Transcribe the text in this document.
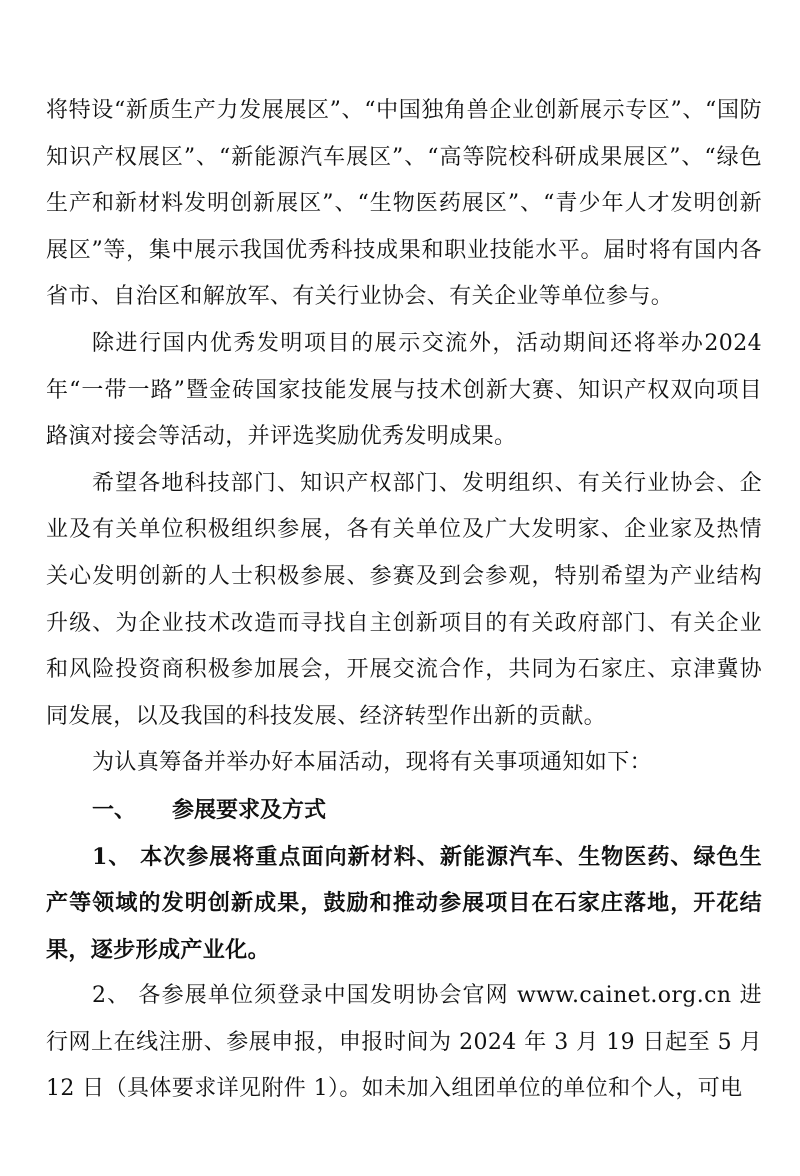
将特设“新质生产力发展展区”、“中国独角兽企业创新展示专区”、“国防知识产权展区”、“新能源汽车展区”、“高等院校科研成果展区”、“绿色生产和新材料发明创新展区”、“生物医药展区”、“青少年人才发明创新展区”等，集中展示我国优秀科技成果和职业技能水平。届时将有国内各省市、自治区和解放军、有关行业协会、有关企业等单位参与。

除进行国内优秀发明项目的展示交流外，活动期间还将举办2024年“一带一路”暨金砖国家技能发展与技术创新大赛、知识产权双向项目路演对接会等活动，并评选奖励优秀发明成果。

希望各地科技部门、知识产权部门、发明组织、有关行业协会、企业及有关单位积极组织参展，各有关单位及广大发明家、企业家及热情关心发明创新的人士积极参展、参赛及到会参观，特别希望为产业结构升级、为企业技术改造而寻找自主创新项目的有关政府部门、有关企业和风险投资商积极参加展会，开展交流合作，共同为石家庄、京津冀协同发展，以及我国的科技发展、经济转型作出新的贡献。

为认真筹备并举办好本届活动，现将有关事项通知如下：

一、 参展要求及方式

1、 本次参展将重点面向新材料、新能源汽车、生物医药、绿色生产等领域的发明创新成果，鼓励和推动参展项目在石家庄落地，开花结果，逐步形成产业化。

2、 各参展单位须登录中国发明协会官网 www.cainet.org.cn 进行网上在线注册、参展申报，申报时间为 2024 年 3 月 19 日起至 5 月 12 日（具体要求详见附件 1）。如未加入组团单位的单位和个人，可电
